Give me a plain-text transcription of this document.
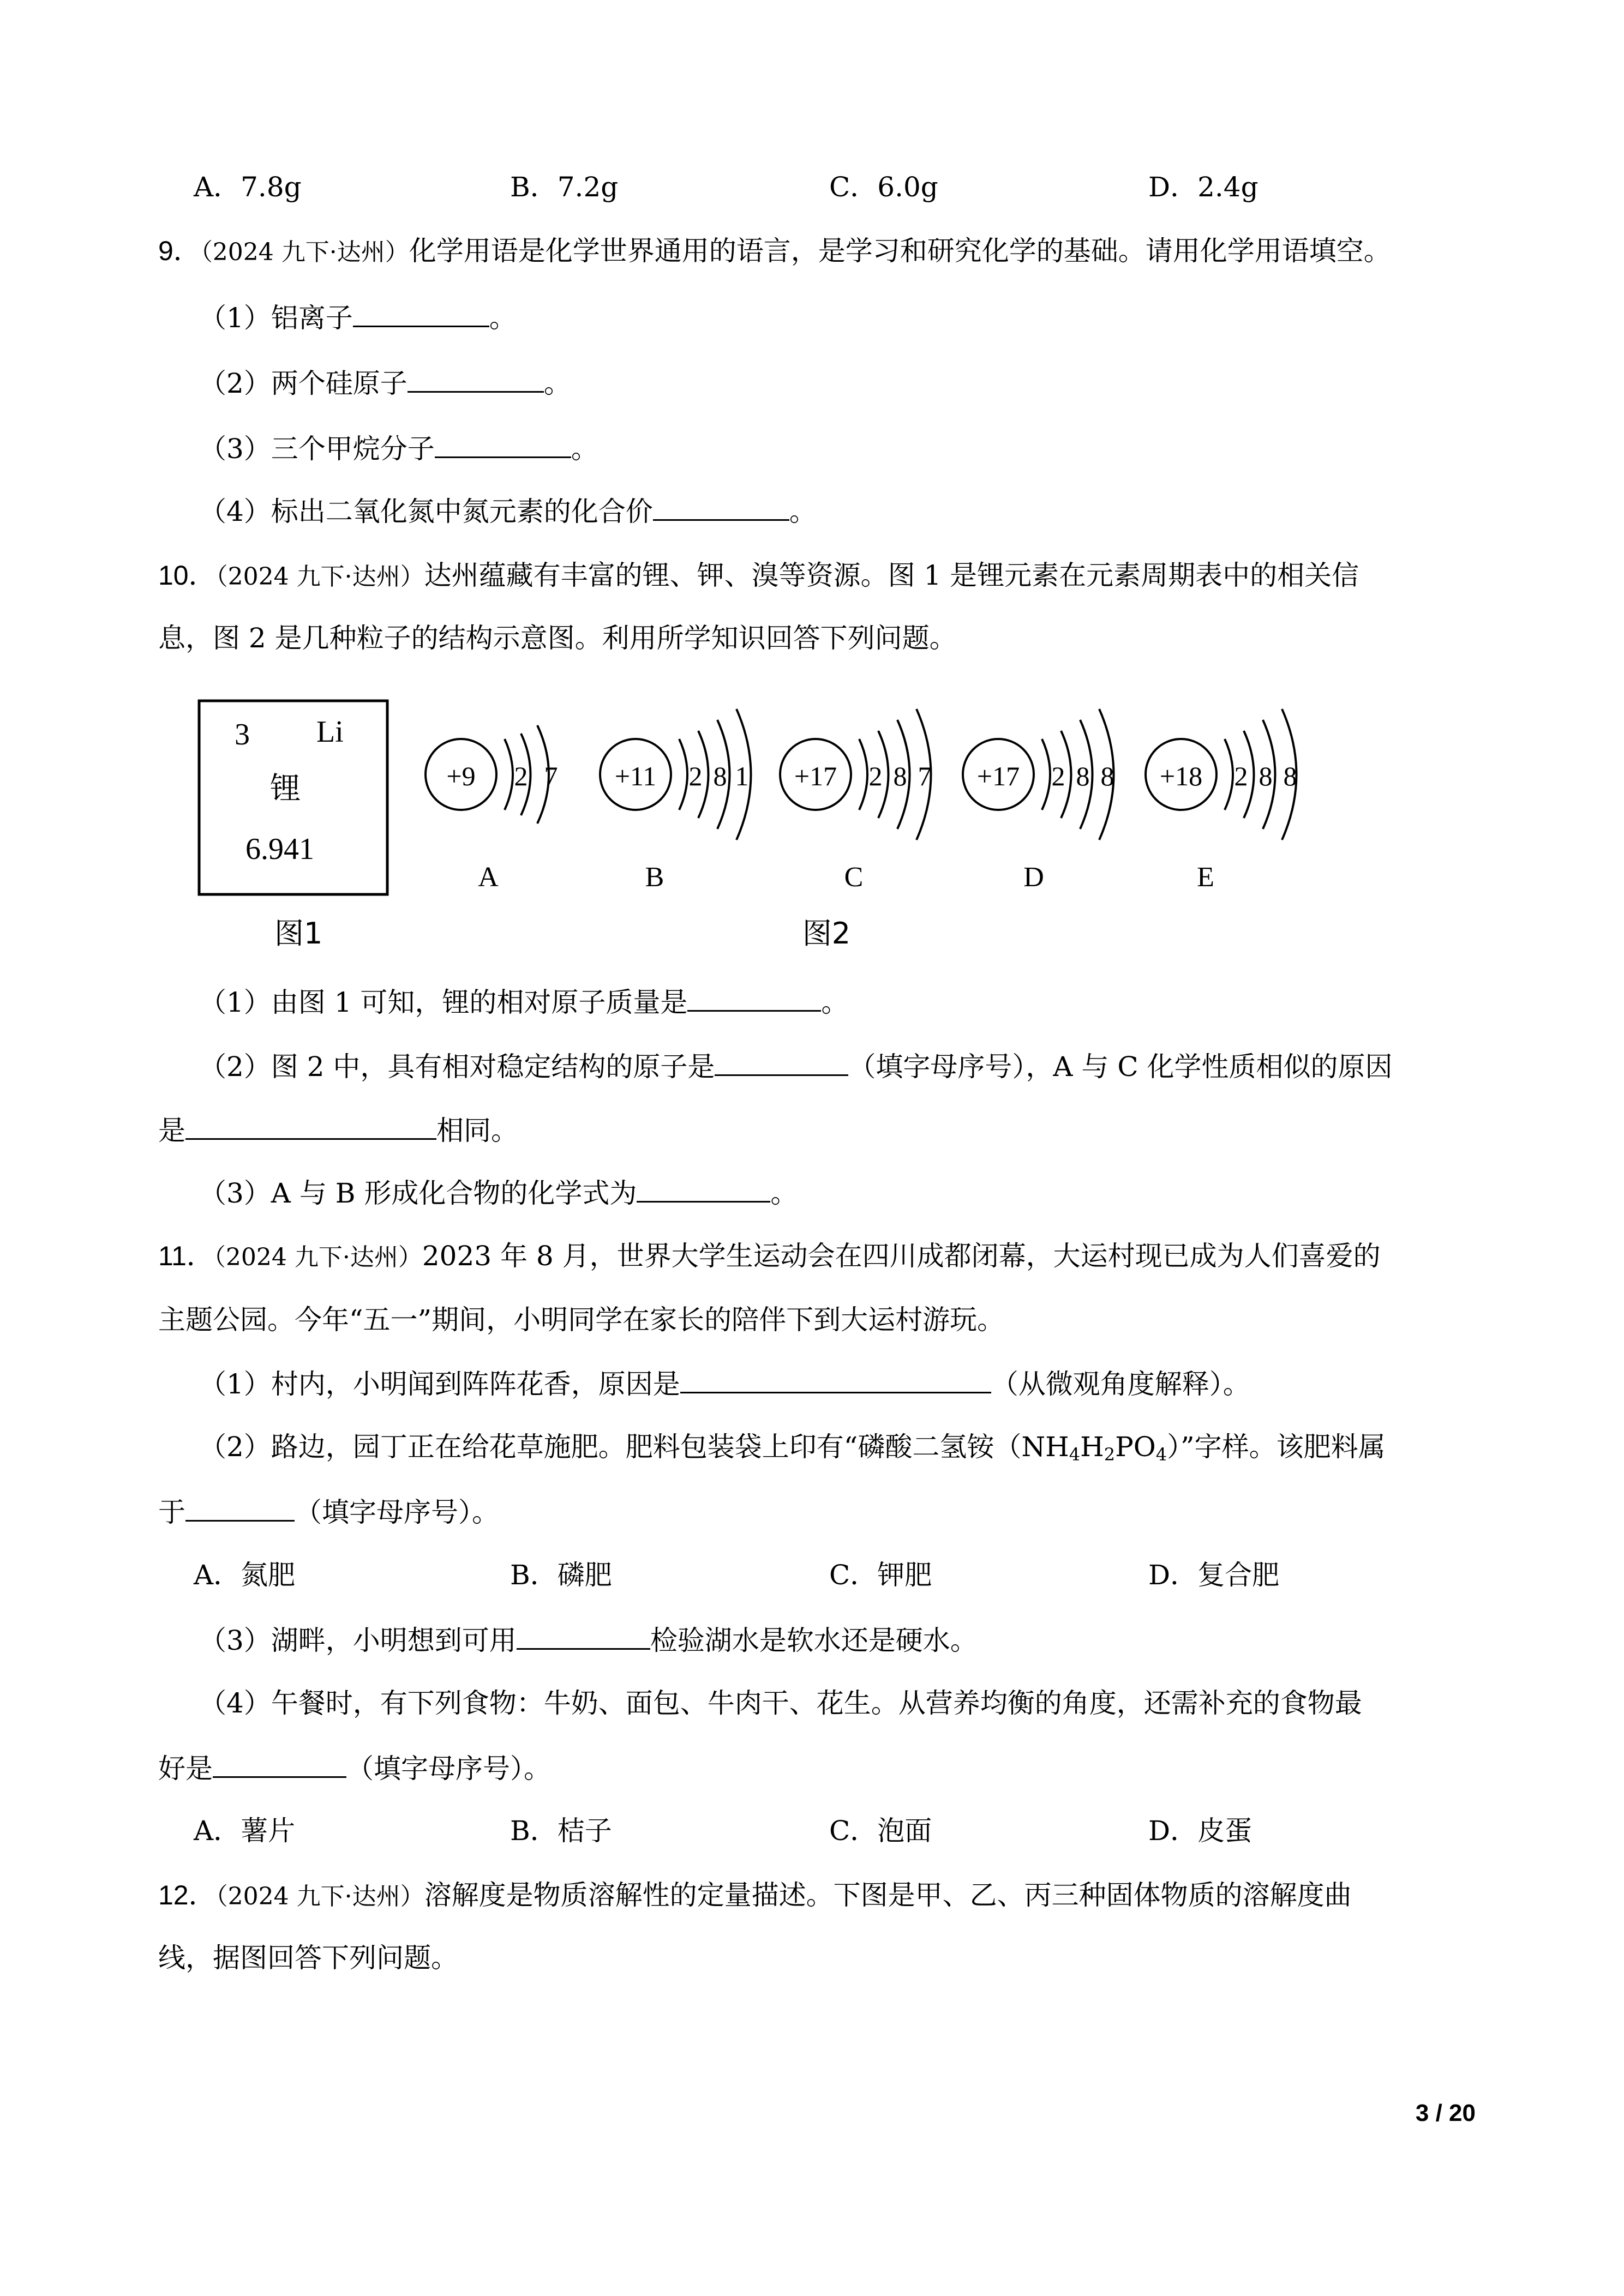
A．7.8g	B．7.2g	C．6.0g	D．2.4g
9．（2024 九下·达州）化学用语是化学世界通用的语言，是学习和研究化学的基础。请用化学用语填空。
（1）铝离子	。
（2）两个硅原子	。
（3）三个甲烷分子	。
（4）标出二氧化氮中氮元素的化合价	。
10．（2024 九下·达州）达州蕴藏有丰富的锂、钾、溴等资源。图 1 是锂元素在元素周期表中的相关信
息，图 2 是几种粒子的结构示意图。利用所学知识回答下列问题。
3 Li
锂
6.941
图1
+9 2 7
A
+11 2 8 1
B
+17 2 8 7
C
+17 2 8 8
D
+18 2 8 8
E
图2
（1）由图 1 可知，锂的相对原子质量是	。
（2）图 2 中，具有相对稳定结构的原子是	（填字母序号），A 与 C 化学性质相似的原因
是	相同。
（3）A 与 B 形成化合物的化学式为	。
11．（2024 九下·达州）2023 年 8 月，世界大学生运动会在四川成都闭幕，大运村现已成为人们喜爱的
主题公园。今年“五一”期间，小明同学在家长的陪伴下到大运村游玩。
（1）村内，小明闻到阵阵花香，原因是	（从微观角度解释）。
（2）路边，园丁正在给花草施肥。肥料包装袋上印有“磷酸二氢铵$(NH_4H_2PO_4)$”字样。该肥料属
于	（填字母序号）。
A．氮肥	B．磷肥	C．钾肥	D．复合肥
（3）湖畔，小明想到可用	检验湖水是软水还是硬水。
（4）午餐时，有下列食物：牛奶、面包、牛肉干、花生。从营养均衡的角度，还需补充的食物最
好是	（填字母序号）。
A．薯片	B．桔子	C．泡面	D．皮蛋
12．（2024 九下·达州）溶解度是物质溶解性的定量描述。下图是甲、乙、丙三种固体物质的溶解度曲
线，据图回答下列问题。
3 / 20
